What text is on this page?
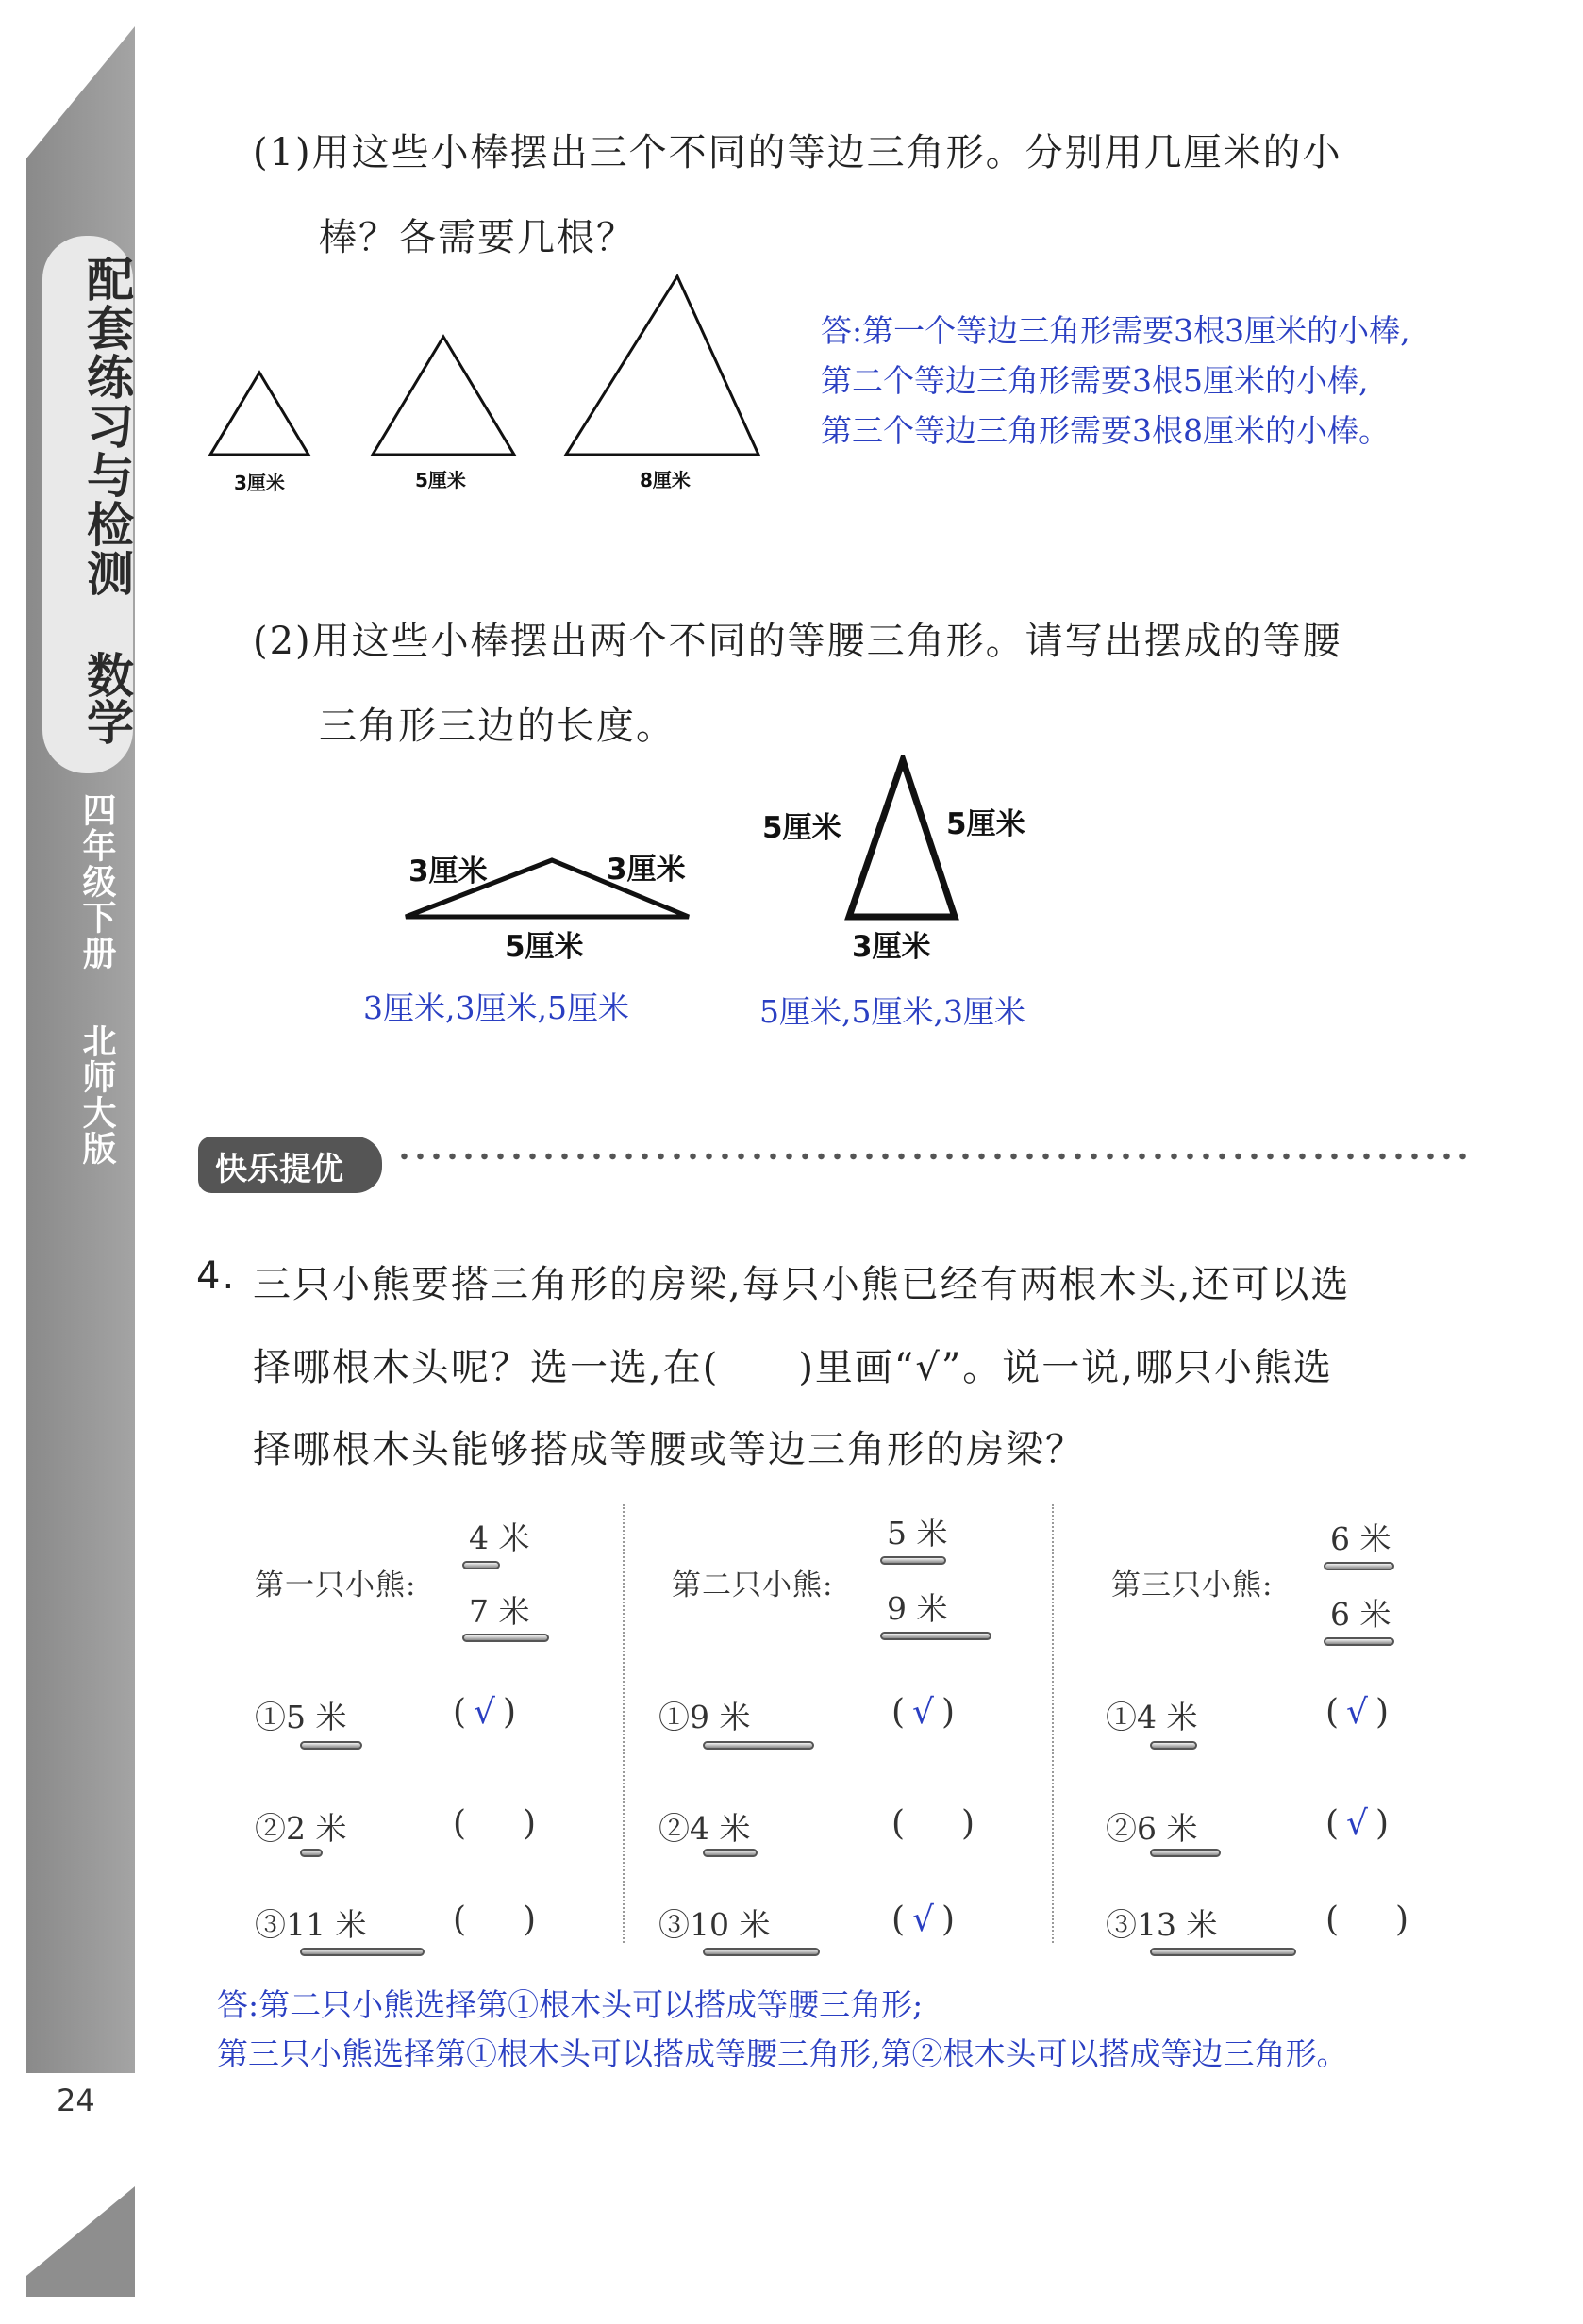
配套练习与检测
数学
四年级下册
北师大版
24
(1)用这些小棒摆出三个不同的等边三角形。分别用几厘米的小
棒？各需要几根？
3厘米	5厘米	8厘米
答:第一个等边三角形需要3根3厘米的小棒,
第二个等边三角形需要3根5厘米的小棒,
第三个等边三角形需要3根8厘米的小棒。
(2)用这些小棒摆出两个不同的等腰三角形。请写出摆成的等腰
三角形三边的长度。
3厘米	3厘米
5厘米
5厘米	5厘米
3厘米
3厘米,3厘米,5厘米	5厘米,5厘米,3厘米
快乐提优
4. 三只小熊要搭三角形的房梁,每只小熊已经有两根木头,还可以选
择哪根木头呢？选一选,在(　　)里画“√”。说一说,哪只小熊选
择哪根木头能够搭成等腰或等边三角形的房梁？
第一只小熊:
4 米
7 米
①5 米	( √ )
②2 米	( )
③11 米	( )
第二只小熊:
5 米
9 米
①9 米	( √ )
②4 米	( )
③10 米	( √ )
第三只小熊:
6 米
6 米
①4 米	( √ )
②6 米	( √ )
③13 米	( )
答:第二只小熊选择第①根木头可以搭成等腰三角形;
第三只小熊选择第①根木头可以搭成等腰三角形,第②根木头可以搭成等边三角形。
